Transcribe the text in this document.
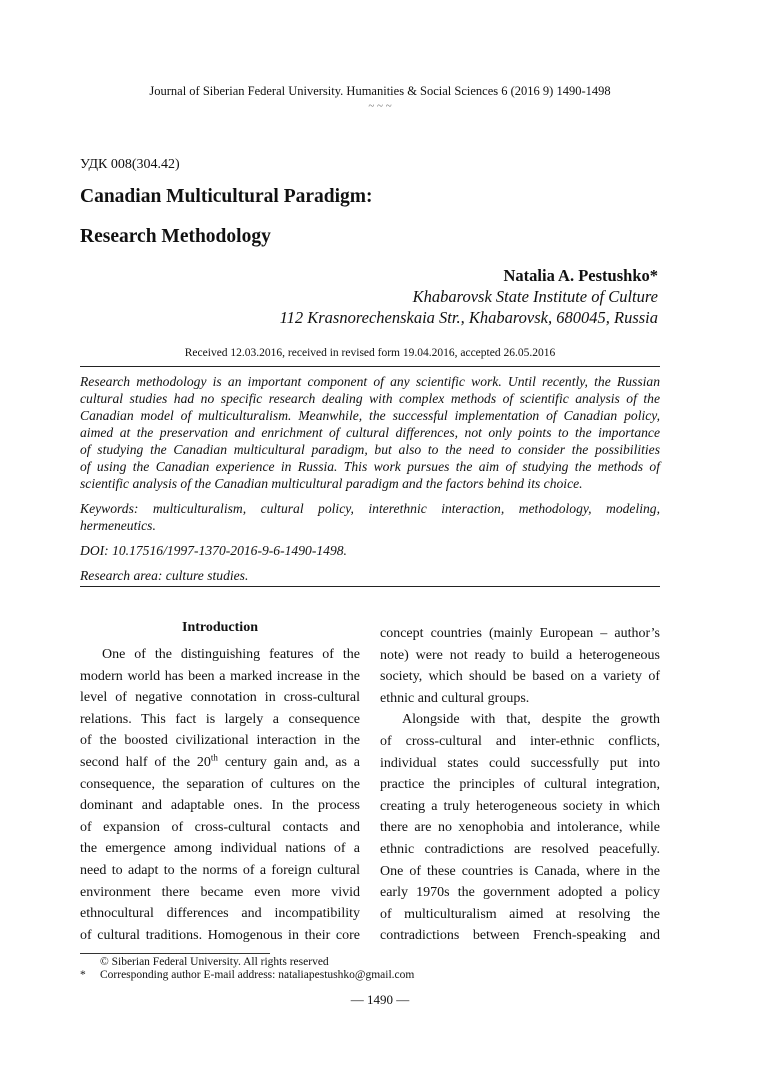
Journal of Siberian Federal University. Humanities & Social Sciences 6 (2016 9) 1490-1498
~ ~ ~
УДК 008(304.42)
Canadian Multicultural Paradigm:
Research Methodology
Natalia A. Pestushko*
Khabarovsk State Institute of Culture
112 Krasnorechenskaia Str., Khabarovsk, 680045, Russia
Received 12.03.2016, received in revised form 19.04.2016, accepted 26.05.2016
Research methodology is an important component of any scientific work. Until recently, the Russian
cultural studies had no specific research dealing with complex methods of scientific analysis of the
Canadian model of multiculturalism. Meanwhile, the successful implementation of Canadian policy,
aimed at the preservation and enrichment of cultural differences, not only points to the importance
of studying the Canadian multicultural paradigm, but also to the need to consider the possibilities
of using the Canadian experience in Russia. This work pursues the aim of studying the methods of
scientific analysis of the Canadian multicultural paradigm and the factors behind its choice.
Keywords: multiculturalism, cultural policy, interethnic interaction, methodology, modeling,
hermeneutics.
DOI: 10.17516/1997-1370-2016-9-6-1490-1498.
Research area: culture studies.
Introduction
One of the distinguishing features of the
modern world has been a marked increase in the
level of negative connotation in cross-cultural
relations. This fact is largely a consequence
of the boosted civilizational interaction in the
second half of the 20th century gain and, as a
consequence, the separation of cultures on the
dominant and adaptable ones. In the process
of expansion of cross-cultural contacts and
the emergence among individual nations of a
need to adapt to the norms of a foreign cultural
environment there became even more vivid
ethnocultural differences and incompatibility
of cultural traditions. Homogenous in their core
concept countries (mainly European – author’s
note) were not ready to build a heterogeneous
society, which should be based on a variety of
ethnic and cultural groups.
Alongside with that, despite the growth
of cross-cultural and inter-ethnic conflicts,
individual states could successfully put into
practice the principles of cultural integration,
creating a truly heterogeneous society in which
there are no xenophobia and intolerance, while
ethnic contradictions are resolved peacefully.
One of these countries is Canada, where in the
early 1970s the government adopted a policy
of multiculturalism aimed at resolving the
contradictions between French-speaking and
© Siberian Federal University. All rights reserved
* Corresponding author E-mail address: nataliapestushko@gmail.com
— 1490 —
